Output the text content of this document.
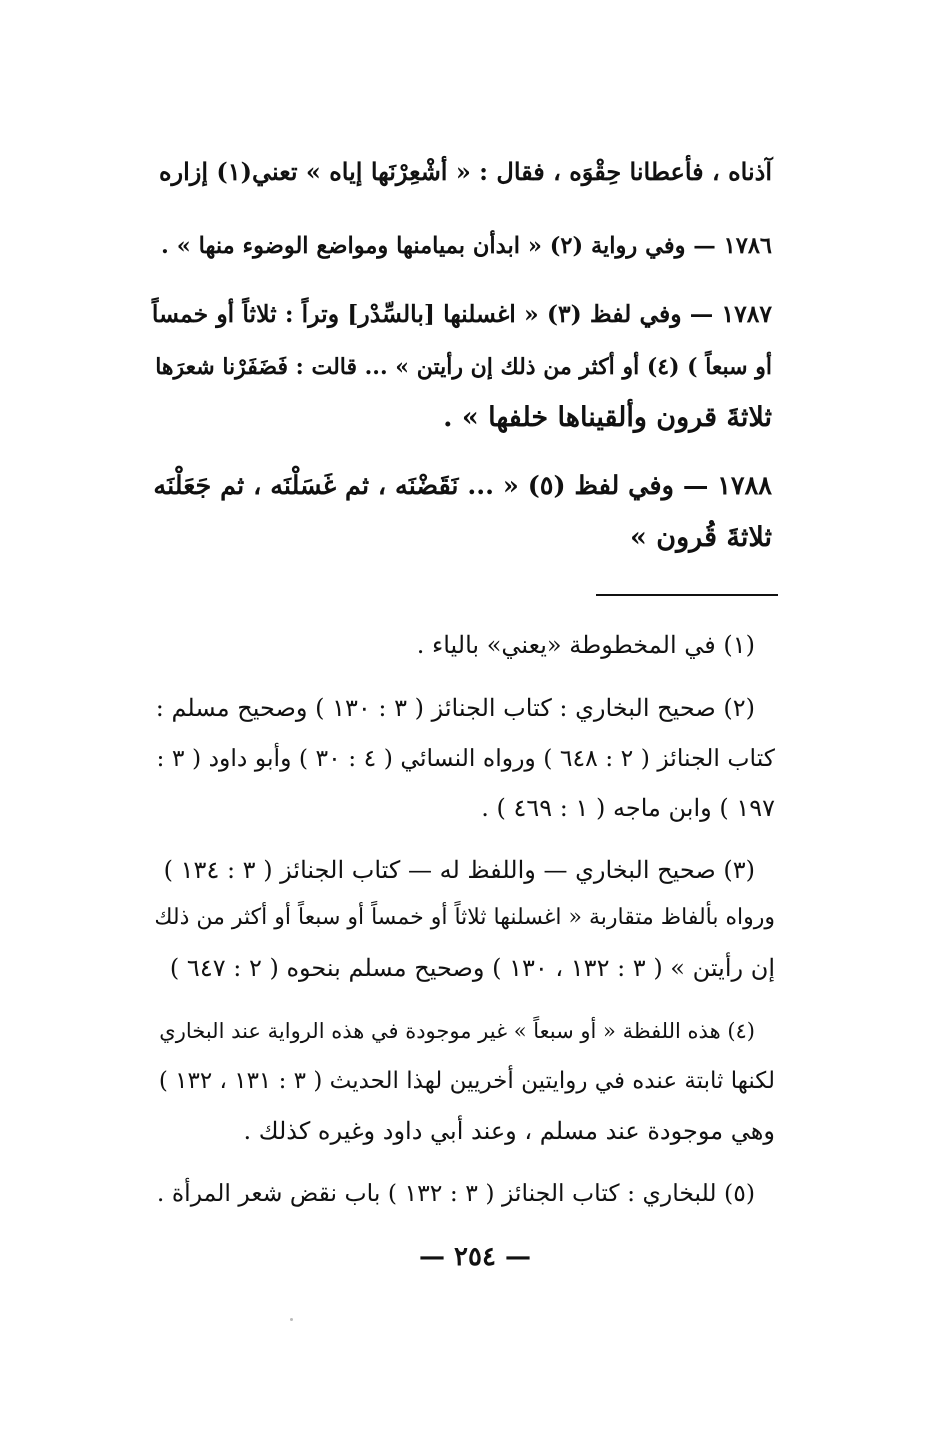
آذناه ، فأعطانا حِقْوَه ، فقال : « أشْعِرْنَها إياه » تعني(١) إزاره
١٧٨٦ — وفي رواية (٢) « ابدأن بميامنها ومواضع الوضوء منها » .
١٧٨٧ — وفي لفظ (٣) « اغسلنها [بالسِّدْر] وتراً : ثلاثاً أو خمساً
أو سبعاً ) (٤) أو أكثر من ذلك إن رأيتن » ... قالت : فَضَفَرْنا شعرَها
ثلاثةَ قرون وألقيناها خلفها » .
١٧٨٨ — وفي لفظ (٥) « ... نَقَضْنَه ، ثم غَسَلْنَه ، ثم جَعَلْنَه
ثلاثةَ قُرون »
(١) في المخطوطة «يعني» بالياء .
(٢) صحيح البخاري : كتاب الجنائز ( ٣ : ١٣٠ ) وصحيح مسلم :
كتاب الجنائز ( ٢ : ٦٤٨ ) ورواه النسائي ( ٤ : ٣٠ ) وأبو داود ( ٣ :
١٩٧ ) وابن ماجه ( ١ : ٤٦٩ ) .
(٣) صحيح البخاري — واللفظ له — كتاب الجنائز ( ٣ : ١٣٤ )
ورواه بألفاظ متقاربة « اغسلنها ثلاثاً أو خمساً أو سبعاً أو أكثر من ذلك
إن رأيتن » ( ٣ : ١٣٢ ، ١٣٠ ) وصحيح مسلم بنحوه ( ٢ : ٦٤٧ )
(٤) هذه اللفظة « أو سبعاً » غير موجودة في هذه الرواية عند البخاري
لكنها ثابتة عنده في روايتين أخريين لهذا الحديث ( ٣ : ١٣١ ، ١٣٢ )
وهي موجودة عند مسلم ، وعند أبي داود وغيره كذلك .
(٥) للبخاري : كتاب الجنائز ( ٣ : ١٣٢ ) باب نقض شعر المرأة .
— ٢٥٤ —
